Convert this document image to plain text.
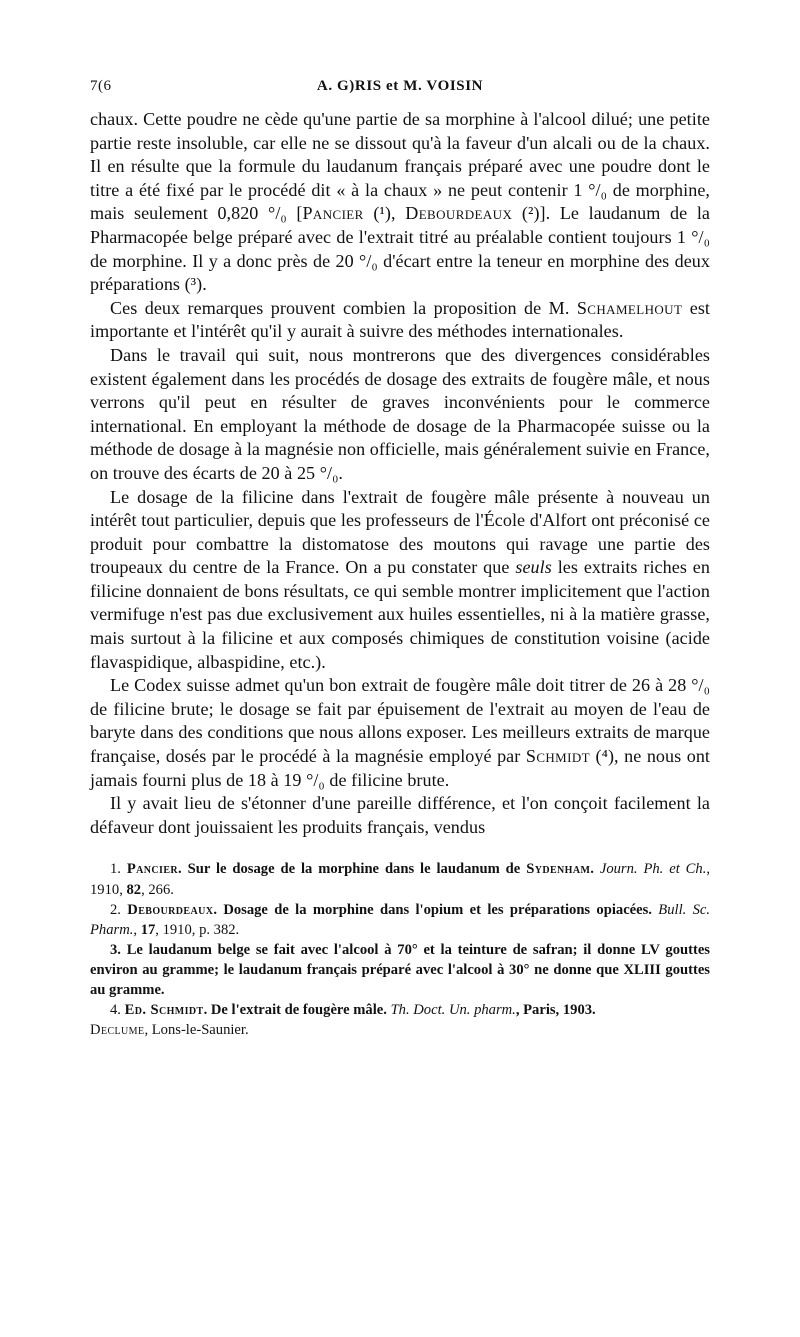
7(6	A. G)RIS et M. VOISIN

chaux. Cette poudre ne cède qu'une partie de sa morphine à l'alcool dilué; une petite partie reste insoluble, car elle ne se dissout qu'à la faveur d'un alcali ou de la chaux. Il en résulte que la formule du laudanum français préparé avec une poudre dont le titre a été fixé par le procédé dit « à la chaux » ne peut contenir 1 °/₀ de morphine, mais seulement 0,820 °/₀ [Pancier (¹), Debourdeaux (²)]. Le laudanum de la Pharmacopée belge préparé avec de l'extrait titré au préalable contient toujours 1 °/₀ de morphine. Il y a donc près de 20 °/₀ d'écart entre la teneur en morphine des deux préparations (³).

Ces deux remarques prouvent combien la proposition de M. Schamelhout est importante et l'intérêt qu'il y aurait à suivre des méthodes internationales.

Dans le travail qui suit, nous montrerons que des divergences considérables existent également dans les procédés de dosage des extraits de fougère mâle, et nous verrons qu'il peut en résulter de graves inconvénients pour le commerce international. En employant la méthode de dosage de la Pharmacopée suisse ou la méthode de dosage à la magnésie non officielle, mais généralement suivie en France, on trouve des écarts de 20 à 25 °/₀.

Le dosage de la filicine dans l'extrait de fougère mâle présente à nouveau un intérêt tout particulier, depuis que les professeurs de l'École d'Alfort ont préconisé ce produit pour combattre la distomatose des moutons qui ravage une partie des troupeaux du centre de la France. On a pu constater que seuls les extraits riches en filicine donnaient de bons résultats, ce qui semble montrer implicitement que l'action vermifuge n'est pas due exclusivement aux huiles essentielles, ni à la matière grasse, mais surtout à la filicine et aux composés chimiques de constitution voisine (acide flavaspidique, albaspidine, etc.).

Le Codex suisse admet qu'un bon extrait de fougère mâle doit titrer de 26 à 28 °/₀ de filicine brute; le dosage se fait par épuisement de l'extrait au moyen de l'eau de baryte dans des conditions que nous allons exposer. Les meilleurs extraits de marque française, dosés par le procédé à la magnésie employé par Schmidt (⁴), ne nous ont jamais fourni plus de 18 à 19 °/₀ de filicine brute.

Il y avait lieu de s'étonner d'une pareille différence, et l'on conçoit facilement la défaveur dont jouissaient les produits français, vendus

1. Pancier. Sur le dosage de la morphine dans le laudanum de Sydenham. Journ. Ph. et Ch., 1910, 82, 266.

2. Debourdeaux. Dosage de la morphine dans l'opium et les préparations opiacées. Bull. Sc. Pharm., 17, 1910, p. 382.

3. Le laudanum belge se fait avec l'alcool à 70° et la teinture de safran; il donne LV gouttes environ au gramme; le laudanum français préparé avec l'alcool à 30° ne donne que XLIII gouttes au gramme.

4. Ed. Schmidt. De l'extrait de fougère mâle. Th. Doct. Un. pharm., Paris, 1903.

Declume, Lons-le-Saunier.
